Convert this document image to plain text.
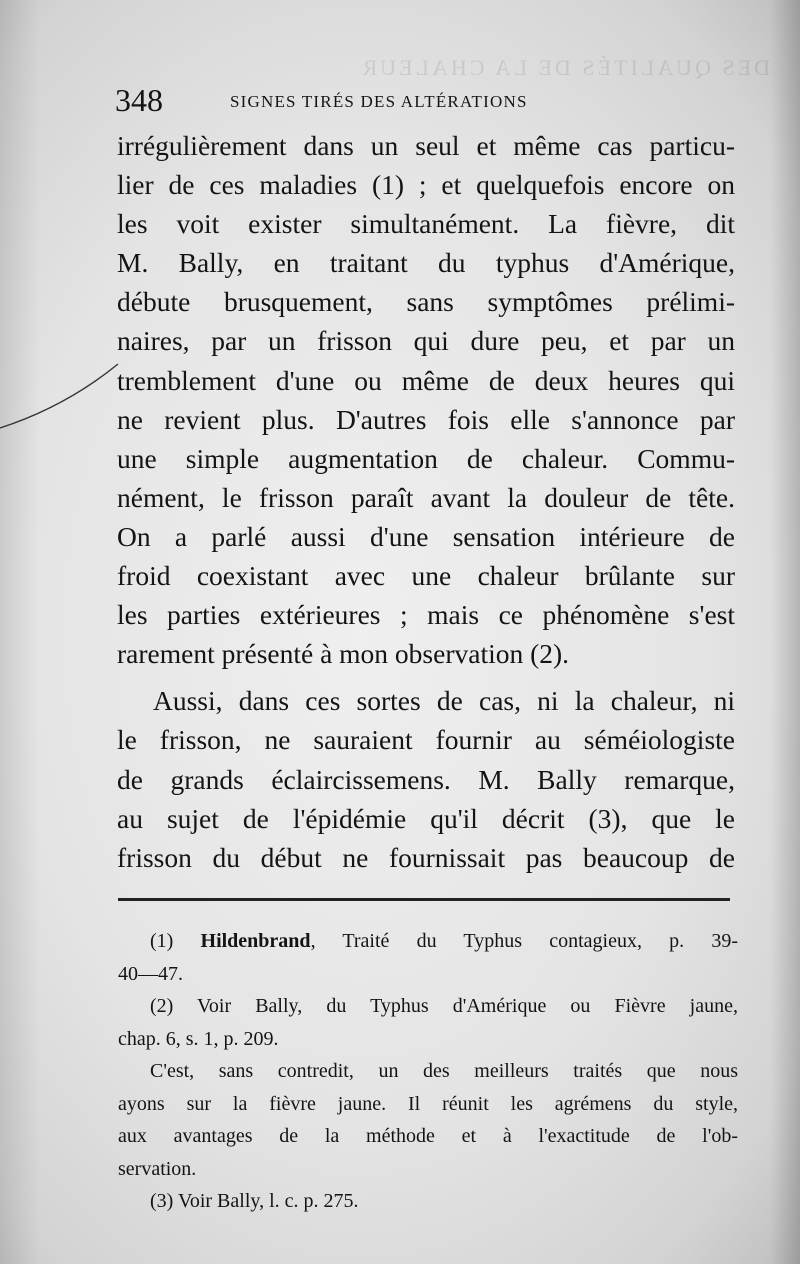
DES QUALITÉS DE LA CHALEUR
348	SIGNES TIRÉS DES ALTÉRATIONS
irrégulièrement dans un seul et même cas particu-
lier de ces maladies (1) ; et quelquefois encore on
les voit exister simultanément. La fièvre, dit
M. Bally, en traitant du typhus d'Amérique,
débute brusquement, sans symptômes prélimi-
naires, par un frisson qui dure peu, et par un
tremblement d'une ou même de deux heures qui
ne revient plus. D'autres fois elle s'annonce par
une simple augmentation de chaleur. Commu-
nément, le frisson paraît avant la douleur de tête.
On a parlé aussi d'une sensation intérieure de
froid coexistant avec une chaleur brûlante sur
les parties extérieures ; mais ce phénomène s'est
rarement présenté à mon observation (2).
Aussi, dans ces sortes de cas, ni la chaleur, ni
le frisson, ne sauraient fournir au séméiologiste
de grands éclaircissemens. M. Bally remarque,
au sujet de l'épidémie qu'il décrit (3), que le
frisson du début ne fournissait pas beaucoup de
(1) Hildenbrand, Traité du Typhus contagieux, p. 39-
40—47.
(2) Voir Bally, du Typhus d'Amérique ou Fièvre jaune,
chap. 6, s. 1, p. 209.
C'est, sans contredit, un des meilleurs traités que nous
ayons sur la fièvre jaune. Il réunit les agrémens du style,
aux avantages de la méthode et à l'exactitude de l'ob-
servation.
(3) Voir Bally, l. c. p. 275.
